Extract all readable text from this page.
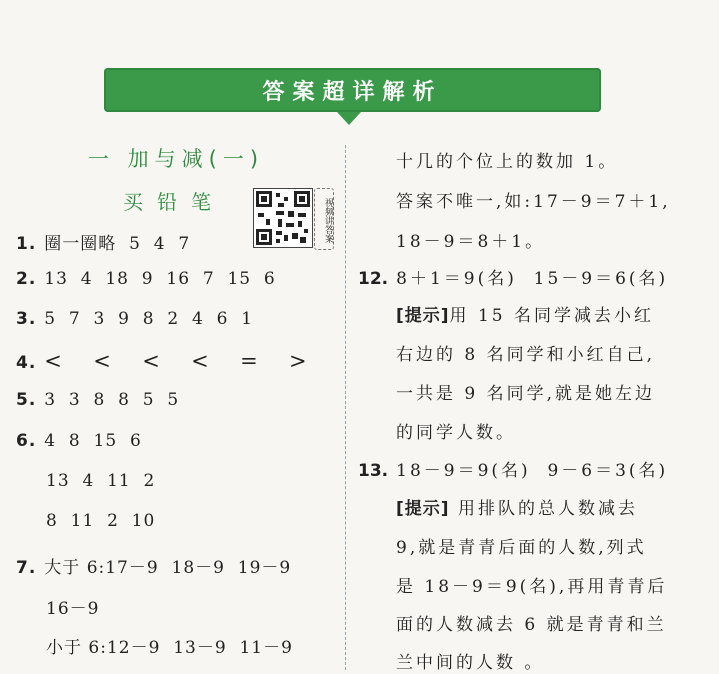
答案超详解析
一 加与减(一)
买铅笔	视频讲答案
1. 圈一圈略  5  4  7
2. 13  4  18  9  16  7  15  6
3. 5  7  3  9  8  2  4  6  1
4. <  <  <  <  =  >
5. 3  3  8  8  5  5
6. 4  8  15  6
13  4  11  2
8  11  2  10
7. 大于 6:17－9  18－9  19－9
16－9
小于 6:12－9  13－9  11－9
十几的个位上的数加 1。
答案不唯一,如:17－9＝7＋1,
18－9＝8＋1。
12. 8＋1＝9(名)  15－9＝6(名)
[提示]用 15 名同学减去小红
右边的 8 名同学和小红自己,
一共是 9 名同学,就是她左边
的同学人数。
13. 18－9＝9(名)  9－6＝3(名)
[提示] 用排队的总人数减去
9,就是青青后面的人数,列式
是 18－9＝9(名),再用青青后
面的人数减去 6 就是青青和兰
兰中间的人数 。
